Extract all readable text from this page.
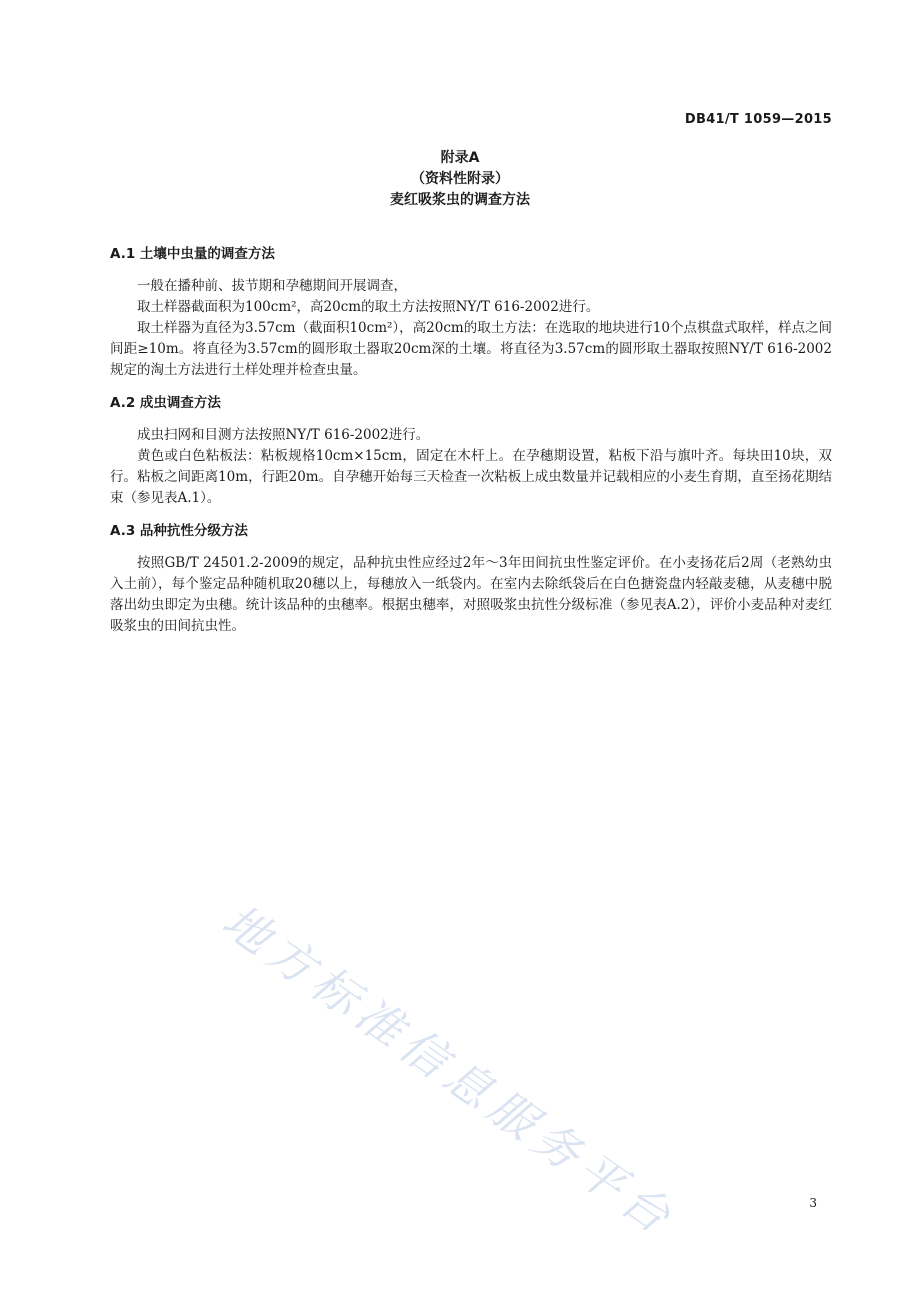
DB41/T 1059—2015
附录A
（资料性附录）
麦红吸浆虫的调查方法

A.1 土壤中虫量的调查方法

一般在播种前、拔节期和孕穗期间开展调查，

取土样器截面积为100cm²，高20cm的取土方法按照NY/T 616-2002进行。

取土样器为直径为3.57cm（截面积10cm²），高20cm的取土方法：在选取的地块进行10个点棋盘式取样，样点之间间距≥10m。将直径为3.57cm的圆形取土器取20cm深的土壤。将直径为3.57cm的圆形取土器取按照NY/T 616-2002规定的淘土方法进行土样处理并检查虫量。

A.2 成虫调查方法

成虫扫网和目测方法按照NY/T 616-2002进行。

黄色或白色粘板法：粘板规格10cm×15cm，固定在木杆上。在孕穗期设置，粘板下沿与旗叶齐。每块田10块，双行。粘板之间距离10m，行距20m。自孕穗开始每三天检查一次粘板上成虫数量并记载相应的小麦生育期，直至扬花期结束（参见表A.1）。

A.3 品种抗性分级方法

按照GB/T 24501.2-2009的规定，品种抗虫性应经过2年～3年田间抗虫性鉴定评价。在小麦扬花后2周（老熟幼虫入土前），每个鉴定品种随机取20穗以上，每穗放入一纸袋内。在室内去除纸袋后在白色搪瓷盘内轻敲麦穗，从麦穗中脱落出幼虫即定为虫穗。统计该品种的虫穗率。根据虫穗率，对照吸浆虫抗性分级标准（参见表A.2），评价小麦品种对麦红吸浆虫的田间抗虫性。

地方标准信息服务平台	3
